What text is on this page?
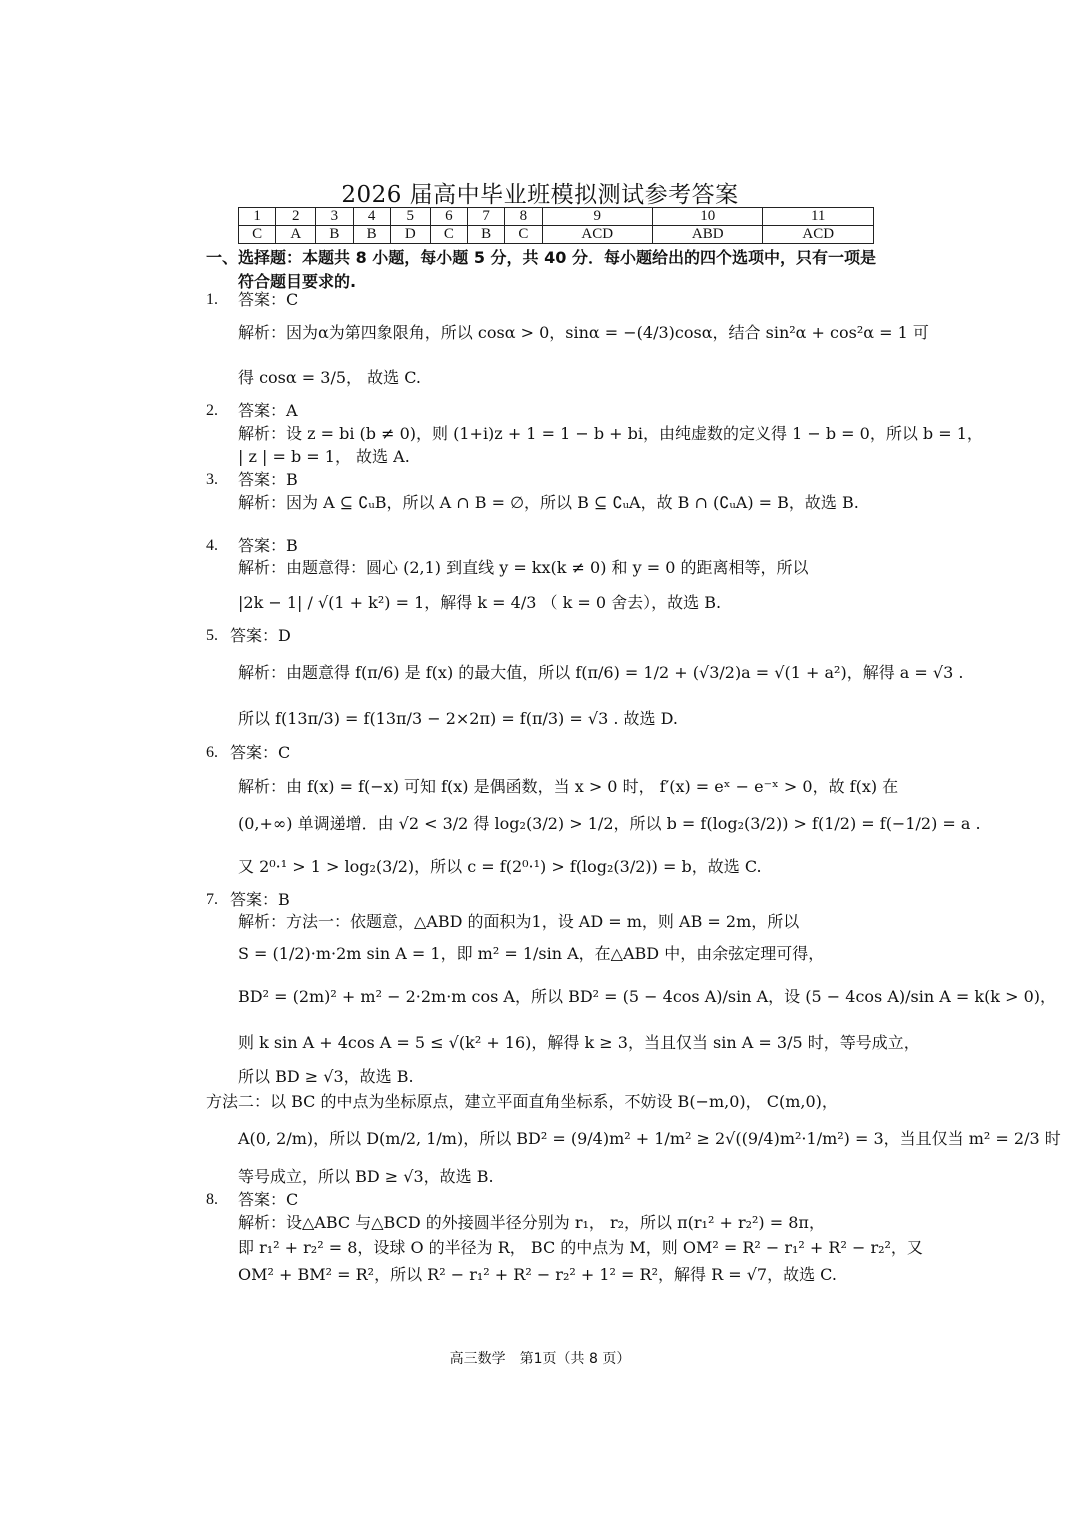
2026 届高中毕业班模拟测试参考答案
1	2	3	4	5	6	7	8	9	10	11
C	A	B	B	D	C	B	C	ACD	ABD	ACD
一、选择题：本题共 8 小题，每小题 5 分，共 40 分．每小题给出的四个选项中，只有一项是
符合题目要求的.
1. 答案：C
解析：因为α为第四象限角，所以 cosα > 0，sinα = −(4/3)cosα，结合 sin²α + cos²α = 1 可
得 cosα = 3/5， 故选 C.
2. 答案：A
解析：设 z = bi (b ≠ 0)，则 (1+i)z + 1 = 1 − b + bi，由纯虚数的定义得 1 − b = 0，所以 b = 1，
| z | = b = 1， 故选 A.
3. 答案：B
解析：因为 A ⊆ ∁ᵤB，所以 A ∩ B = ∅，所以 B ⊆ ∁ᵤA，故 B ∩ (∁ᵤA) = B，故选 B.
4. 答案：B
解析：由题意得：圆心 (2,1) 到直线 y = kx(k ≠ 0) 和 y = 0 的距离相等，所以
|2k − 1| / √(1 + k²) = 1，解得 k = 4/3 （ k = 0 舍去），故选 B.
5. 答案：D
解析：由题意得 f(π/6) 是 f(x) 的最大值，所以 f(π/6) = 1/2 + (√3/2)a = √(1 + a²)，解得 a = √3 .
所以 f(13π/3) = f(13π/3 − 2×2π) = f(π/3) = √3 . 故选 D.
6. 答案：C
解析：由 f(x) = f(−x) 可知 f(x) 是偶函数，当 x > 0 时， f′(x) = eˣ − e⁻ˣ > 0，故 f(x) 在
(0,+∞) 单调递增．由 √2 < 3/2 得 log₂(3/2) > 1/2，所以 b = f(log₂(3/2)) > f(1/2) = f(−1/2) = a .
又 2⁰·¹ > 1 > log₂(3/2)，所以 c = f(2⁰·¹) > f(log₂(3/2)) = b，故选 C.
7. 答案：B
解析：方法一：依题意，△ABD 的面积为1，设 AD = m，则 AB = 2m，所以
S = (1/2)·m·2m sin A = 1，即 m² = 1/sin A，在△ABD 中，由余弦定理可得，
BD² = (2m)² + m² − 2·2m·m cos A，所以 BD² = (5 − 4cos A)/sin A，设 (5 − 4cos A)/sin A = k(k > 0)，
则 k sin A + 4cos A = 5 ≤ √(k² + 16)，解得 k ≥ 3，当且仅当 sin A = 3/5 时，等号成立，
所以 BD ≥ √3，故选 B.
方法二：以 BC 的中点为坐标原点，建立平面直角坐标系，不妨设 B(−m,0)， C(m,0)，
A(0, 2/m)，所以 D(m/2, 1/m)，所以 BD² = (9/4)m² + 1/m² ≥ 2√((9/4)m²·1/m²) = 3，当且仅当 m² = 2/3 时
等号成立，所以 BD ≥ √3，故选 B.
8. 答案：C
解析：设△ABC 与△BCD 的外接圆半径分别为 r₁， r₂，所以 π(r₁² + r₂²) = 8π，
即 r₁² + r₂² = 8，设球 O 的半径为 R， BC 的中点为 M，则 OM² = R² − r₁² + R² − r₂²，又
OM² + BM² = R²，所以 R² − r₁² + R² − r₂² + 1² = R²，解得 R = √7，故选 C.
高三数学　第1页（共 8 页）
